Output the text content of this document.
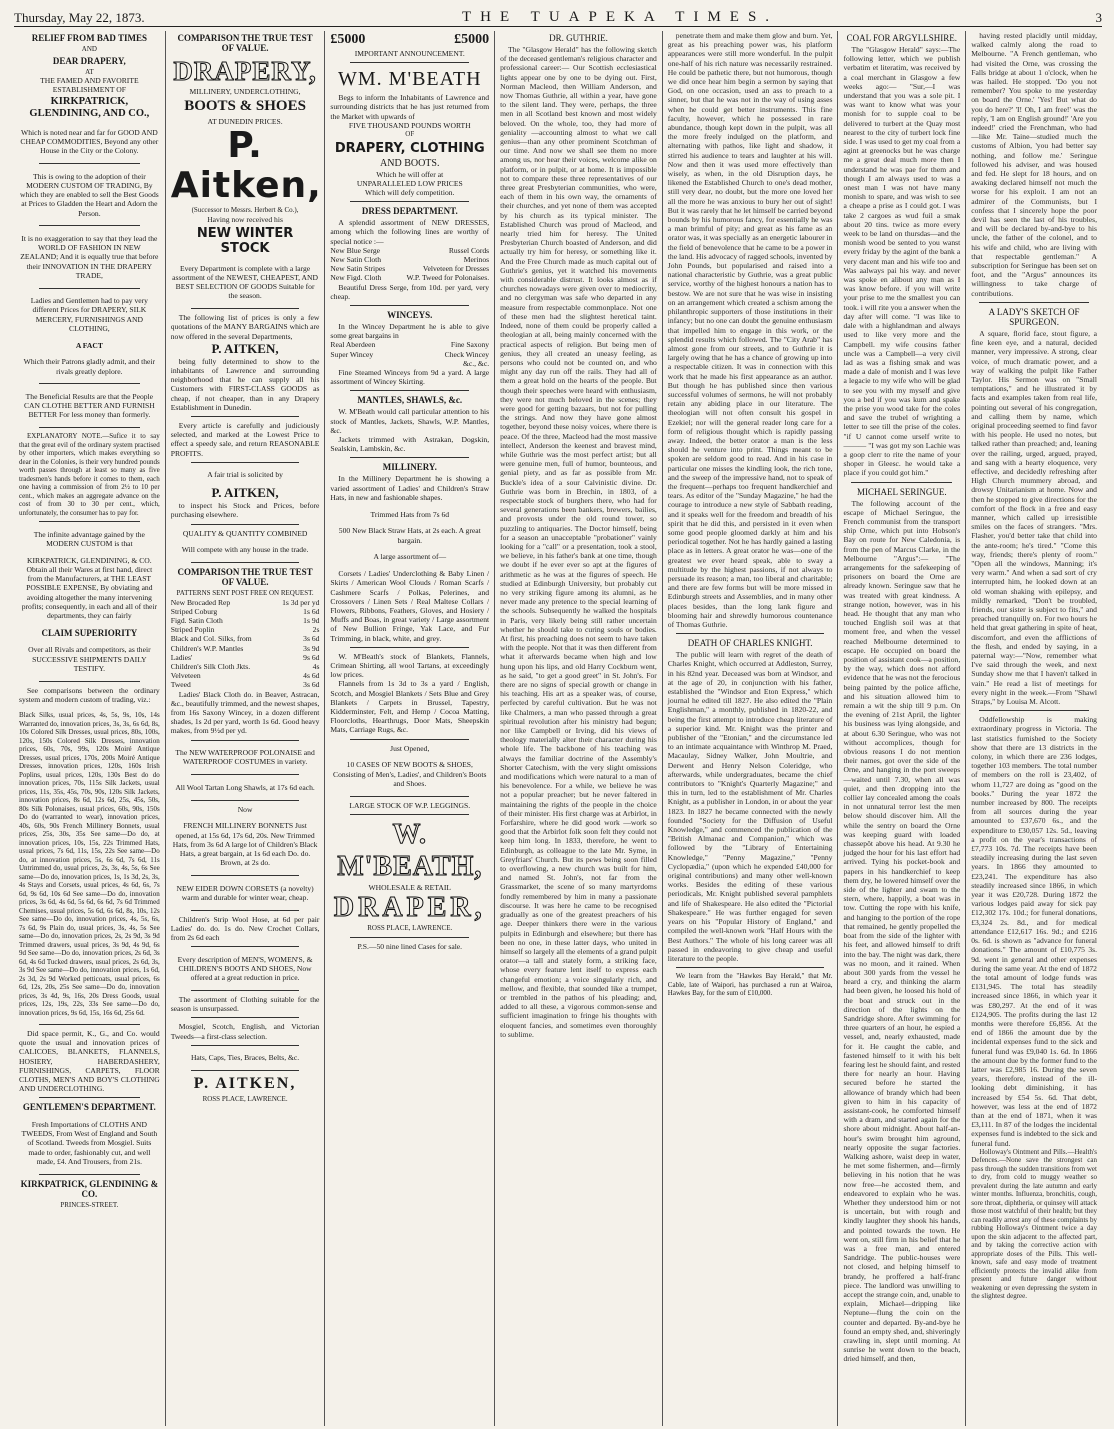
Thursday, May 22, 1873.	THE TUAPEKA TIMES.	3
RELIEF FROM BAD TIMES
AND
DEAR DRAPERY,
AT
THE FAMED AND FAVORITE
ESTABLISHMENT OF
KIRKPATRICK, GLENDINING, AND CO.,

Which is noted near and far for GOOD AND CHEAP COMMODITIES, Beyond any other House in the City or the Colony.

This is owing to the adoption of their MODERN CUSTOM OF TRADING, By which they are enabled to sell the Best Goods at Prices to Gladden the Heart and Adorn the Person.

It is no exaggeration to say that they lead the WORLD OF FASHION IN NEW ZEALAND; And it is equally true that before their INNOVATION IN THE DRAPERY TRADE,

Ladies and Gentlemen had to pay very different Prices for DRAPERY, SILK MERCERY, FURNISHINGS AND CLOTHING,

A FACT

Which their Patrons gladly admit, and their rivals greatly deplore.

The Beneficial Results are that the People CAN CLOTHE BETTER AND FURNISH BETTER For less money than formerly.

EXPLANATORY NOTE.—Sufice it to say that the great evil of the ordinary system practised by other importers, which makes everything so dear in the Colonies, is their very hundred pounds worth passes through at least so many as five tradesmen's hands before it comes to them, each one having a commission of from 2½ to 10 per cent., which makes an aggregate advance on the cost of from 30 to 30 per cent., which, unfortunately, the consumer has to pay for.

The infinite advantage gained by the MODERN CUSTOM is that

KIRKPATRICK, GLENDINING, & CO. Obtain all their Wares at first hand, direct from the Manufacturers, at THE LEAST POSSIBLE EXPENSE, By obviating and avoiding altogether the many intervening profits; consequently, in each and all of their departments, they can fairly

CLAIM SUPERIORITY

Over all Rivals and competitors, as their SUCCESSIVE SHIPMENTS DAILY TESTIFY.

See comparisons between the ordinary system and modern custom of trading, viz.:

Black Silks, usual prices, 4s, 5s, 9s, 10s, 14s Warranted do, innovation prices, 3s, 3s, 6s 6d, 8s, 10s Colored Silk Dresses, usual prices, 80s, 100s, 120s, 150s Colored Silk Dresses, innovation prices, 60s, 70s, 99s, 120s Moiré Antique Dresses, usual prices, 170s, 200s Moiré Antique Dresses, innovation prices, 120s, 160s Irish Poplins, usual prices, 120s, 130s Best do do innovation prices, 70s, 115s Silk Jackets, usual prices, 11s, 35s, 45s, 70s, 90s, 120s Silk Jackets, innovation prices, 8s 6d, 12s 6d, 25s, 45s, 50s, 80s Silk Polonaises, usual prices, 60s, 90s, 150s Do do (warranted to wear), innovation prices, 40s, 60s, 90s French Millinery Bonnets, usual prices, 25s, 30s, 35s See same—Do do, at innovation prices, 10s, 15s, 22s Trimmed Hats, usual prices, 7s 6d, 11s, 15s, 22s See same—Do do, at innovation prices, 5s, 6s 6d, 7s 6d, 11s Untrimmed do, usual prices, 2s, 3s, 4s, 5s, 6s See same—Do do, innovation prices, 1s, 1s 3d, 2s, 3s, 4s Stays and Corsets, usual prices, 4s 6d, 6s, 7s 6d, 9s 6d, 10s 6d See same—Do do, innovation prices, 3s 6d, 4s 6d, 5s 6d, 6s 6d, 7s 6d Trimmed Chemises, usual prices, 5s 6d, 6s 6d, 8s, 10s, 12s See same—Do do, innovation prices, 4s, 5s, 6s, 7s 6d, 9s Plain do, usual prices, 3s, 4s, 5s See same—Do do, innovation prices, 2s, 2s 9d, 3s 9d Trimmed drawers, usual prices, 3s 9d, 4s 9d, 6s 9d See same—Do do, innovation prices, 2s 6d, 3s 6d, 4s 6d Tucked drawers, usual prices, 2s 6d, 3s, 3s 9d See same—Do do, innovation prices, 1s 6d, 2s 3d, 2s 9d Worked petticoats, usual prices, 6s 6d, 12s, 20s, 25s See same—Do do, innovation prices, 3s 4d, 9s, 16s, 20s Dress Goods, usual prices, 12s, 19s, 22s, 33s See same—Do do, innovation prices, 9s 6d, 15s, 16s 6d, 25s 6d.

Did space permit, K., G., and Co. would quote the usual and innovation prices of CALICOES, BLANKETS, FLANNELS, HOSIERY, HABERDASHERY, FURNISHINGS, CARPETS, FLOOR CLOTHS, MEN'S AND BOY'S CLOTHING AND UNDERCLOTHING.

GENTLEMEN'S DEPARTMENT.

Fresh Importations of CLOTHS AND TWEEDS, From West of England and South of Scotland. Tweeds from Mosgiel. Suits made to order, fashionably cut, and well made, £4. And Trousers, from 21s.

KIRKPATRICK, GLENDINING & CO.
PRINCES-STREET.
COMPARISON THE TRUE TEST OF VALUE.
DRAPERY,
MILLINERY, UNDERCLOTHING,
BOOTS & SHOES
AT DUNEDIN PRICES.
P. Aitken,
(Successor to Messrs. Herbert & Co.),
Having now received his
NEW WINTER STOCK

Every Department is complete with a large assortment of the NEWEST, CHEAPEST, AND BEST SELECTION OF GOODS Suitable for the season.

The following list of prices is only a few quotations of the MANY BARGAINS which are now offered in the several Departments,

P. AITKEN,

being fully determined to show to the inhabitants of Lawrence and surrounding neighborhood that he can supply all his Customers with FIRST-CLASS GOODS as cheap, if not cheaper, than in any Drapery Establishment in Dunedin.

Every article is carefully and judiciously selected, and marked at the Lowest Price to effect a speedy sale, and return REASONABLE PROFITS.

A fair trial is solicited by

P. AITKEN,

to inspect his Stock and Prices, before purchasing elsewhere.

QUALITY & QUANTITY COMBINED

Will compete with any house in the trade.

COMPARISON THE TRUE TEST OF VALUE.
PATTERNS SENT POST FREE ON REQUEST.
New Brocaded Rep	1s 3d per yd
Striped Coburg	1s 6d
Figd. Satin Cloth	1s 9d
Striped Poplin	2s
Black and Col. Silks, from	3s 6d
Children's W.P. Mantles	3s 9d
Ladies'	9s 6d
Children's Silk Cloth Jkts.	4s
Velveteen	4s 6d
Tweed	3s 6d

Ladies' Black Cloth do. in Beaver, Astracan, &c., beautifully trimmed, and the newest shapes, from 16s Saxony Wincey, in a dozen different shades, 1s 2d per yard, worth 1s 6d. Good heavy makes, from 9½d per yd.

The NEW WATERPROOF POLONAISE and WATERPROOF COSTUMES in variety.

All Wool Tartan Long Shawls, at 17s 6d each.

Now

FRENCH MILLINERY BONNETS Just opened, at 15s 6d, 17s 6d, 20s. New Trimmed Hats, from 3s 6d A large lot of Children's Black Hats, a great bargain, at 1s 6d each Do. do. Brown, at 2s do.

NEW EIDER DOWN CORSETS (a novelty) warm and durable for winter wear, cheap.

Children's Strip Wool Hose, at 6d per pair Ladies' do. do. 1s do. New Crochet Collars, from 2s 6d each

Every description of MEN'S, WOMEN'S, & CHILDREN'S BOOTS AND SHOES, Now offered at a great reduction in price.

The assortment of Clothing suitable for the season is unsurpassed.

Mosgiel, Scotch, English, and Victorian Tweeds—a first-class selection.

Hats, Caps, Ties, Braces, Belts, &c.

P. AITKEN,
ROSS PLACE, LAWRENCE.
£5000	£5000
IMPORTANT ANNOUNCEMENT.
WM. M'BEATH

Begs to inform the Inhabitants of Lawrence and surrounding districts that he has just returned from the Market with upwards of

FIVE THOUSAND POUNDS WORTH
OF
DRAPERY, CLOTHING
AND BOOTS.
Which he will offer at
UNPARALLELED LOW PRICES
Which will defy competition.
DRESS DEPARTMENT.

A splendid assortment of NEW DRESSES, among which the following lines are worthy of special notice :—

New Blue Serge	Russel Cords
New Satin Cloth	Merinos
New Satin Stripes	Velveteen for Dresses
New Figd. Cloth	W.P. Tweed for Polonaises.

Beautiful Dress Serge, from 10d. per yard, very cheap.

WINCEYS.

In the Wincey Department he is able to give some great bargains in

Real Aberdeen	Fine Saxony
Super Wincey	Check Wincey
&c., &c.

Fine Steamed Winceys from 9d a yard. A large assortment of Wincey Skirting.

MANTLES, SHAWLS, &c.

W. M'Beath would call particular attention to his stock of Mantles, Jackets, Shawls, W.P. Mantles, &c.

Jackets trimmed with Astrakan, Dogskin, Sealskin, Lambskin, &c.

MILLINERY.

In the Millinery Department he is showing a varied assortment of Ladies' and Children's Straw Hats, in new and fashionable shapes.

Trimmed Hats from 7s 6d

500 New Black Straw Hats, at 2s each. A great bargain.

A large assortment of—

Corsets / Ladies' Underclothing & Baby Linen / Skirts / American Wool Clouds / Roman Scarfs / Cashmere Scarfs / Polkas, Pelerines, and Crossovers / Linen Sets / Real Maltese Collars / Flowers, Ribbons, Feathers, Gloves, and Hosiery / Muffs and Boas, in great variety / Large assortment of New Bullion Fringe, Yak Lace, and Fur Trimming, in black, white, and grey.

W. M'Beath's stock of Blankets, Flannels, Crimean Shirting, all wool Tartans, at exceedingly low prices.

Flannels from 1s 3d to 3s a yard / English, Scotch, and Mosgiel Blankets / Sets Blue and Grey Blankets / Carpets in Brussel, Tapestry, Kidderminster, Felt, and Hemp / Cocoa Matting, Floorcloths, Hearthrugs, Door Mats, Sheepskin Mats, Carriage Rugs, &c.

Just Opened,

10 CASES OF NEW BOOTS & SHOES, Consisting of Men's, Ladies', and Children's Boots and Shoes.

LARGE STOCK OF W.P. LEGGINGS.
W. M'BEATH,
WHOLESALE & RETAIL
DRAPER,
ROSS PLACE, LAWRENCE.
P.S.—50 nine lined Cases for sale.
DR. GUTHRIE.

The "Glasgow Herald" has the following sketch of the deceased gentleman's religious character and professional career:— Our Scottish ecclesiastical lights appear one by one to be dying out. First, Norman Macleod, then William Anderson, and now Thomas Guthrie, all within a year, have gone to the silent land. They were, perhaps, the three men in all Scotland best known and most widely beloved. On the whole, too, they had more of geniality —accounting almost to what we call genius—than any other prominent Scotchman of our time. And now we shall see them no more among us, nor hear their voices, welcome alike on platform, or in pulpit, or at home. It is impossible not to compare these three representatives of our three great Presbyterian communities, who were, each of them in his own way, the ornaments of their churches, and yet none of them was accepted by his church as its typical minister. The Established Church was proud of Macleod, and nearly tried him for heresy. The United Presbyterian Church boasted of Anderson, and did actually try him for heresy, or something like it. And the Free Church made as much capital out of Guthrie's genius, yet it watched his movements with considerable distrust. It looks almost as if churches nowadays were given over to mediocrity, and no clergyman was safe who departed in any measure from respectable commonplace. Not one of these men had the slightest heretical taint. Indeed, none of them could be properly called a theologian at all, being mainly concerned with the practical aspects of religion. But being men of genius, they all created an uneasy feeling, as persons who could not be counted on, and who might any day run off the rails. They had all of them a great hold on the hearts of the people. But though their speeches were heard with enthusiasm, they were not much beloved in the scenes; they were good for getting bazaars, but not for pulling the strings. And now they have gone almost together, beyond these noisy voices, where there is peace. Of the three, Macleod had the most massive intellect, Anderson the keenest and bravest mind, while Guthrie was the most perfect artist; but all were genuine men, full of humor, bounteous, and genial piety, and as far as possible from Mr. Buckle's idea of a sour Calvinistic divine. Dr. Guthrie was born in Brechin, in 1803, of a respectable stock of burghers there, who had for several generations been bankers, brewers, bailies, and provosts under the old round tower, so puzzling to antiquaries. The Doctor himself, being for a season an unacceptable "probationer" vainly looking for a "call" or a presentation, took a stool, we believe, in his father's bank at one time, though we doubt if he ever ever so apt at the figures of arithmetic as he was at the figures of speech. He studied at Edinburgh University, but probably cut no very striking figure among its alumni, as he never made any pretence to the special learning of the schools. Subsequently he walked the hospitals in Paris, very likely being still rather uncertain whether he should take to curing souls or bodies. At first, his preaching does not seem to have taken with the people. Not that it was then different from what it afterwards became when high and low hung upon his lips, and old Harry Cockburn went, as he said, "to get a good greet" in St. John's. For there are no signs of special growth or change in his teaching. His art as a speaker was, of course, perfected by careful cultivation. But he was not like Chalmers, a man who passed through a great spiritual revolution after his ministry had begun; nor like Campbell or Irving, did his views of theology materially alter their character during his whole life. The backbone of his teaching was always the familiar doctrine of the Assembly's Shorter Catechism, with the very slight omissions and modifications which were natural to a man of his benevolence. For a while, we believe he was not a popular preacher; but he never faltered in maintaining the rights of the people in the choice of their minister. His first charge was at Arbirlot, in Forfarshire, where he did good work —work so good that the Arbirlot folk soon felt they could not keep him long. In 1833, therefore, he went to Edinburgh, as colleague to the late Mr. Syme, in Greyfriars' Church. But its pews being soon filled to overflowing, a new church was built for him, and named St. John's, not far from the Grassmarket, the scene of so many martyrdoms fondly remembered by him in many a passionate discourse. It was here he came to be recognised gradually as one of the greatest preachers of his age. Deeper thinkers there were in the various pulpits in Edinburgh and elsewhere; but there has been no one, in these latter days, who united in himself so largely all the elements of a grand pulpit orator—a tall and stately form, a striking face, whose every feature lent itself to express each changeful emotion; a voice singularly rich, and mellow, and flexible, that sounded like a trumpet, or trembled in the pathos of his pleading; and, added to all these, a vigorous common-sense and sufficient imagination to fringe his thoughts with eloquent fancies, and sometimes even thoroughly to sublime.

penetrate them and make them glow and burn. Yet, great as his preaching power was, his platform appearances were still more wonderful. In the pulpit one-half of his rich nature was necessarily restrained. He could be pathetic there, but not humorous, though we did once hear him begin a sermon by saying that God, on one occasion, used an ass to preach to a sinner, but that he was not in the way of using asses when he could get better instruments. This fine faculty, however, which he possessed in rare abundance, though kept down in the pulpit, was all the more freely indulged on the platform, and alternating with pathos, like light and shadow, it stirred his audience to tears and laughter at his will. Now and then it was used more effectively than wisely, as when, in the old Disruption days, he likened the Established Church to one's dead mother, still very dear, no doubt, but the more one loved her all the more he was anxious to bury her out of sight! But it was rarely that he let himself be carried beyond bounds by his humorous fancy, for essentially he was a man brimful of pity; and great as his fame as an orator was, it was specially as an energetic labourer in the field of benevolence that he came to be a power in the land. His advocacy of ragged schools, invented by John Pounds, but popularised and raised into a national characteristic by Guthrie, was a great public service, worthy of the highest honours a nation has to bestow. We are not sure that he was wise in insisting on an arrangement which created a schism among the philanthropic supporters of those institutions in their infancy; but no one can doubt the genuine enthusiasm that impelled him to engage in this work, or the splendid results which followed. The "City Arab" has almost gone from our streets, and to Guthrie it is largely owing that he has a chance of growing up into a respectable citizen. It was in connection with this work that he made his first appearance as an author. But though he has published since then various successful volumes of sermons, he will not probably retain any abiding place in our literature. The theologian will not often consult his gospel in Ezekiel; nor will the general reader long care for a form of religious thought which is rapidly passing away. Indeed, the better orator a man is the less should he venture into print. Things meant to be spoken are seldom good to read. And in his case in particular one misses the kindling look, the rich tone, and the sweep of the impressive hand, not to speak of the frequent—perhaps too frequent handkerchief and tears. As editor of the "Sunday Magazine," he had the courage to introduce a new style of Sabbath reading, and it speaks well for the freedom and breadth of his spirit that he did this, and persisted in it even when some good people gloomed darkly at him and his periodical together. Not he has hardly gained a lasting place as in letters. A great orator he was—one of the greatest we ever heard speak, able to sway a multitude by the highest passions, if not always to persuade its reason; a man, too liberal and charitable; and there are few forms but will be more missed in Edinburgh streets and Assemblies, and in many other places besides, than the long lank figure and blooming hair and shrewdly humorous countenance of Thomas Guthrie.

DEATH OF CHARLES KNIGHT.

The public will learn with regret of the death of Charles Knight, which occurred at Addleston, Surrey, in his 82nd year. Deceased was born at Windsor, and at the age of 20, in conjunction with his father, established the "Windsor and Eton Express," which journal he edited till 1827. He also edited the "Plain Englishman," a monthly, published in 1820-22, and being the first attempt to introduce cheap literature of a superior kind. Mr. Knight was the printer and publisher of the "Etonian," and the circumstance led to an intimate acquaintance with Winthrop M. Praed, Macaulay, Sidney Walker, John Moultrie, and Derwent and Henry Nelson Coleridge, who afterwards, while undergraduates, became the chief contributors to "Knight's Quarterly Magazine;" and this in turn, led to the establishment of Mr. Charles Knight, as a publisher in London, in or about the year 1823. In 1827 he became connected with the newly founded "Society for the Diffusion of Useful Knowledge," and commenced the publication of the "British Almanac and Companion," which was followed by the "Library of Entertaining Knowledge," "Penny Magazine," "Penny Cyclopædia," (upon which he expended £40,000 for original contributions) and many other well-known works. Besides the editing of these various periodicals, Mr. Knight published several pamphlets and life of Shakespeare. He also edited the "Pictorial Shakespeare." He was further engaged for seven years on his "Popular History of England," and compiled the well-known work "Half Hours with the Best Authors." The whole of his long career was all passed in endeavoring to give cheap and useful literature to the people.

We learn from the "Hawkes Bay Herald," that Mr. Cable, late of Waipori, has purchased a run at Wairoa, Hawkes Bay, for the sum of £10,000.

COAL FOR ARGYLLSHIRE.

The "Glasgow Herald" says:—The following letter, which we publish verbatim et literatim, was received by a coal merchant in Glasgow a few weeks ago:— "Sur,—I was understand that you was a sole pit. I was want to know what was your monish for to supple coal to be delivered to turbert at the Quay most nearest to the city of turbert lock fine side. I was used to get my coal from a agint at greenocks but he was charge me a great deal much more then I understand he was pae for them and though I am always used to was a onest man I was not have many monish to spare, and was wish to see a cheape a prise as I could got. I was take 2 cargoes as wud fuil a smak about 20 tins. twice as more every week to be land on thursdas—and the monish wood be sented to you wanst every friday by the agint of the bank a very dacent man and his wife too and Was aalways pai his way. and never was spoke en alibout any man as I was know before. if you will write your prise to me the smallest you can took. i will rite you a answer when the day after will come. "I was like to dale with a highlandman and always used to like very more and the Campbell. my wife cousins father uncle was a Campbell—a very civil lad as was a fishing smak and was made a dale of monish and I was leve a legacie to my wife who will be glad to see you with my myself and give you a bed if you was kum and spake the prise you wood take for the coles and save the trubel of wrighting a letter to see till the prise of the coles. "if U cannot come urself write to ——— "I was got my son Lachie was a goop clerr to rite the name of your shoper in Gleesc. he would take a place if you could got him."

MICHAEL SERINGUE.

The following account of the escape of Michael Seringue, the French communist from the transport ship Orne, which put into Hobson's Bay on route for New Caledonia, is from the pen of Marcus Clarke, in the Melbourne "Argus":— "The arrangements for the safekeeping of prisoners on board the Orne are already known. Seringue saw that he was treated with great kindness. A strange notion, however, was in his head. He thought that any man who touched English soil was at that moment free, and when the vessel reached Melbourne determined to escape. He occupied on board the position of assistant cook—a position, by the way, which does not afford evidence that he was not the ferocious being painted by the police affiche, and his situation allowed him to remain a wit the ship till 9 p.m. On the evening of 21st April, the lighter his business was lying alongside, and at about 6.30 Seringue, who was not without accomplices, though for obvious reasons I do not mention their names, got over the side of the Orne, and hanging in the port sweeps—waited until 7.30, when all was quiet, and then dropping into the collier lay concealed among the coals in not unnatural terror lest the men below should discover him. All the while the sentry on board the Orne was keeping guard with loaded chassepôt above his head. At 9.30 he judged the hour for his last effort had arrived. Tying his pocket-book and papers in his handkerchief to keep them dry, he lowered himself over the side of the lighter and swam to the stern, where, happily, a boat was in tow. Cutting the rope with his knife, and hanging to the portion of the rope that remained, he gently propelled the boat from the side of the lighter with his feet, and allowed himself to drift into the bay. The night was dark, there was no moon, and it rained. When about 300 yards from the vessel he heard a cry, and thinking the alarm had been given, he loosed his hold of the boat and struck out in the direction of the lights on the Sandridge shore. After swimming for three quarters of an hour, he espied a vessel, and, nearly exhausted, made for it. He caught the cable, and fastened himself to it with his belt fearing lest he should faint, and rested there for nearly an hour. Having secured before he started the allowance of brandy which had been given to him in his capacity of assistant-cook, he comforted himself with a dram, and started again for the shore about midnight. About half-an-hour's swim brought him aground, nearly opposite the sugar factories. Walking ashore, waist deep in water, he met some fishermen, and—firmly believing in his notion that he was now free—he accosted them, and endeavored to explain who he was. Whether they understood him or not is uncertain, but with rough and kindly laughter they shook his hands, and pointed towards the town. He went on, still firm in his belief that he was a free man, and entered Sandridge. The public-houses were not closed, and helping himself to brandy, he proffered a half-franc piece. The landlord was unwilling to accept the strange coin, and, unable to explain, Michael—dripping like Neptune—flung the coin on the counter and departed. By-and-bye he found an empty shed, and, shiveringly crawling in, slept until morning. At sunrise he went down to the beach, dried himself, and then,

having rested placidly until midday, walked calmly along the road to Melbourne. "A French gentleman, who had visited the Orne, was crossing the Falls bridge at about 1 o'clock, when he was hailed. He stopped. 'Do you not remember? You spoke to me yesterday on board the Orne.' 'Yes! But what do you do here?' 'I! Oh, I am free!' was the reply, 'I am on English ground!' 'Are you indeed!' cried the Frenchman, who had—like Mr. Taine—studied much the customs of Albion, 'you had better say nothing, and follow me.' Seringue followed his adviser, and was housed and fed. He slept for 18 hours, and on awaking declared himself not much the worse for his exploit. I am not an admirer of the Communists, but I confess that I sincerely hope the poor devil has seen the last of his troubles, and will be declared by-and-bye to his uncle, the father of the colonel, and to his wife and child, who are living with that respectable gentleman." A subscription for Seringue has been set on foot, and the "Argus" announces its willingness to take charge of contributions.

A LADY'S SKETCH OF SPURGEON.

A square, florid face, stout figure, a fine keen eye, and a natural, decided manner, very impressive. A strong, clear voice, of much dramatic power, and a way of walking the pulpit like Father Taylor. His Sermon was on "Small temptations," and he illustrated it by facts and examples taken from real life, pointing out several of his congregation, and calling them by name, which original proceeding seemed to find favor with his people. He used no notes, but talked rather than preached; and, leaning over the railing, urged, argued, prayed, and sang with a hearty eloquence, very effective, and decidedly refreshing after High Church mummery abroad, and drowsy Unitarianism at home. Now and then he stopped to give directions for the comfort of the flock in a free and easy manner, which called up irresistible smiles on the faces of strangers. "Mrs. Flasher, you'd better take that child into the ante-room; he's tired." "Come this way, friends; there's plenty of room." "Open all the windows, Manning; it's very warm." And when a sad sort of cry interrupted him, he looked down at an old woman shaking with epilepsy, and mildly remarked, "Don't be troubled, friends, our sister is subject to fits," and preached tranquilly on. For two hours he held that great gathering in spite of heat, discomfort, and even the afflictions of the flesh, and ended by saying, in a paternal way:—"Now, remember what I've said through the week, and next Sunday show me that I haven't talked in vain." He read a list of meetings for every night in the week.—From "Shawl Straps," by Louisa M. Alcott.

Oddfellowship is making extraordinary progress in Victoria. The last statistics furnished to the Society show that there are 13 districts in the colony, in which there are 236 lodges, together 103 members. The total number of members on the roll is 23,402, of whom 11,727 are doing as "good on the books." During the year 1872 the number increased by 800. The receipts from all sources during the year amounted to £37,670 6s., and the expenditure to £30,057 12s. 5d., leaving a profit on the year's transactions of £7,773 10s. 7d. The receipts have been steadily increasing during the last seven years. In 1866 they amounted to £23,241. The expenditure has also steadily increased since 1866, in which year it was £20,728. During 1872 the various lodges paid away for sick pay £12,302 17s. 10d.; for funeral donations, £3,324 2s. 8d., and for medical attendance £12,617 16s. 9d.; and £216 0s. 6d. is shown as "advance for funeral donations." The amount of £10,775 3s. 9d. went in general and other expenses during the same year. At the end of 1872 the total amount of lodge funds was £131,945. The total has steadily increased since 1866, in which year it was £80,297. At the end of it was £124,905. The profits during the last 12 months were therefore £6,856. At the end of 1866 the amount due by the incidental expenses fund to the sick and funeral fund was £9,040 1s. 6d. In 1866 the amount due by the former fund to the latter was £2,985 16. During the seven years, therefore, instead of the ill-looking debt diminishing, it has increased by £54 5s. 6d. That debt, however, was less at the end of 1872 than at the end of 1871, when it was £3,111. In 87 of the lodges the incidental expenses fund is indebted to the sick and funeral fund.

Holloway's Ointment and Pills.—Health's Defences.—None save the strongest can pass through the sudden transitions from wet to dry, from cold to muggy weather so prevalent during the late autumn and early winter months. Influenza, bronchitis, cough, sore throat, diphtheria, or quinsey will attack those most watchful of their health; but they can readily arrest any of these complaints by rubbing Holloway's Ointment twice a day upon the skin adjacent to the affected part, and by taking the corrective action with appropriate doses of the Pills. This well-known, safe and easy mode of treatment efficiently protects the invalid alike from present and future danger without weakening or even depressing the system in the slightest degree.
